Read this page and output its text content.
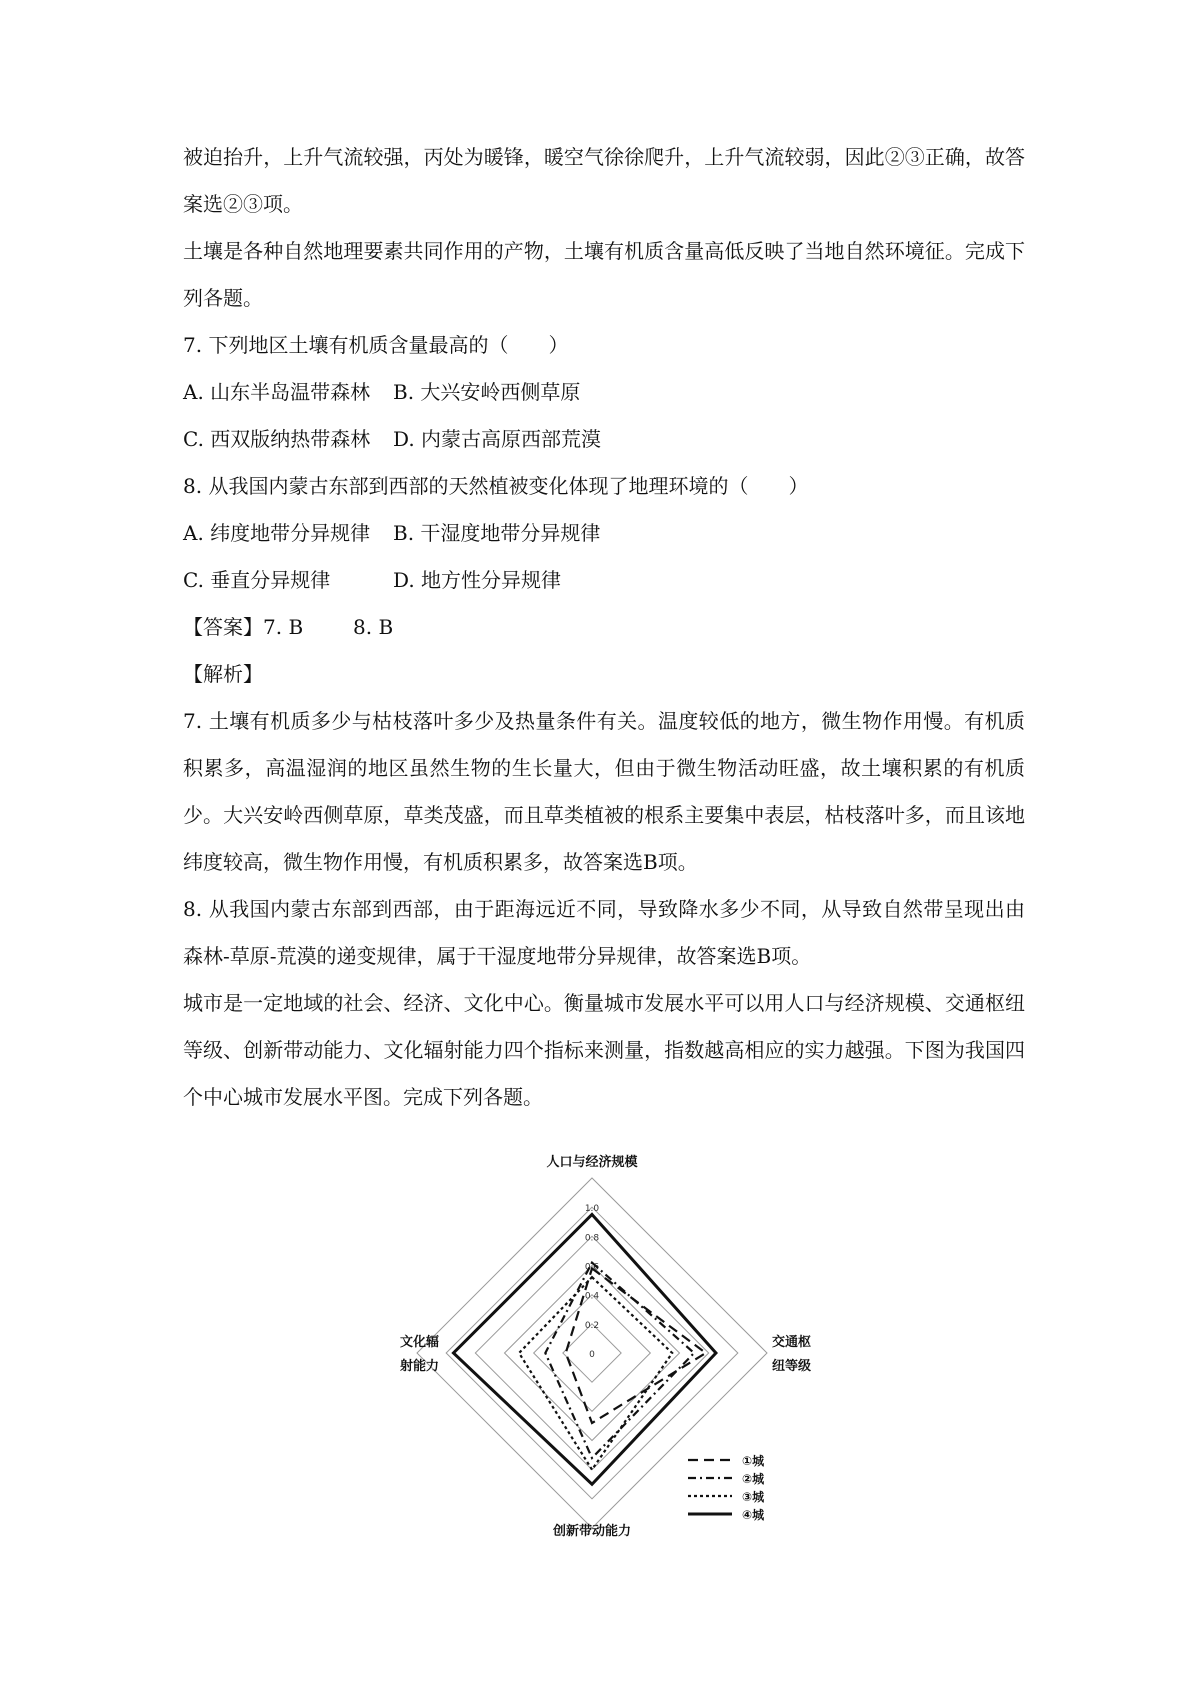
被迫抬升，上升气流较强，丙处为暖锋，暖空气徐徐爬升，上升气流较弱，因此②③正确，故答案选②③项。

土壤是各种自然地理要素共同作用的产物，土壤有机质含量高低反映了当地自然环境征。完成下列各题。

7. 下列地区土壤有机质含量最高的（　　）

A. 山东半岛温带森林 B. 大兴安岭西侧草原

C. 西双版纳热带森林 D. 内蒙古高原西部荒漠

8. 从我国内蒙古东部到西部的天然植被变化体现了地理环境的（　　）

A. 纬度地带分异规律 B. 干湿度地带分异规律

C. 垂直分异规律	D. 地方性分异规律

【答案】7. B 8. B

【解析】

7. 土壤有机质多少与枯枝落叶多少及热量条件有关。温度较低的地方，微生物作用慢。有机质积累多，高温湿润的地区虽然生物的生长量大，但由于微生物活动旺盛，故土壤积累的有机质少。大兴安岭西侧草原，草类茂盛，而且草类植被的根系主要集中表层，枯枝落叶多，而且该地纬度较高，微生物作用慢，有机质积累多，故答案选B项。

8. 从我国内蒙古东部到西部，由于距海远近不同，导致降水多少不同，从导致自然带呈现出由森林-草原-荒漠的递变规律，属于干湿度地带分异规律，故答案选B项。

城市是一定地域的社会、经济、文化中心。衡量城市发展水平可以用人口与经济规模、交通枢纽等级、创新带动能力、文化辐射能力四个指标来测量，指数越高相应的实力越强。下图为我国四个中心城市发展水平图。完成下列各题。

0
0.2
0.4
0.6
0.8
1.0
人口与经济规模
交通枢
纽等级
创新带动能力
文化辐
射能力
①城
②城
③城
④城
